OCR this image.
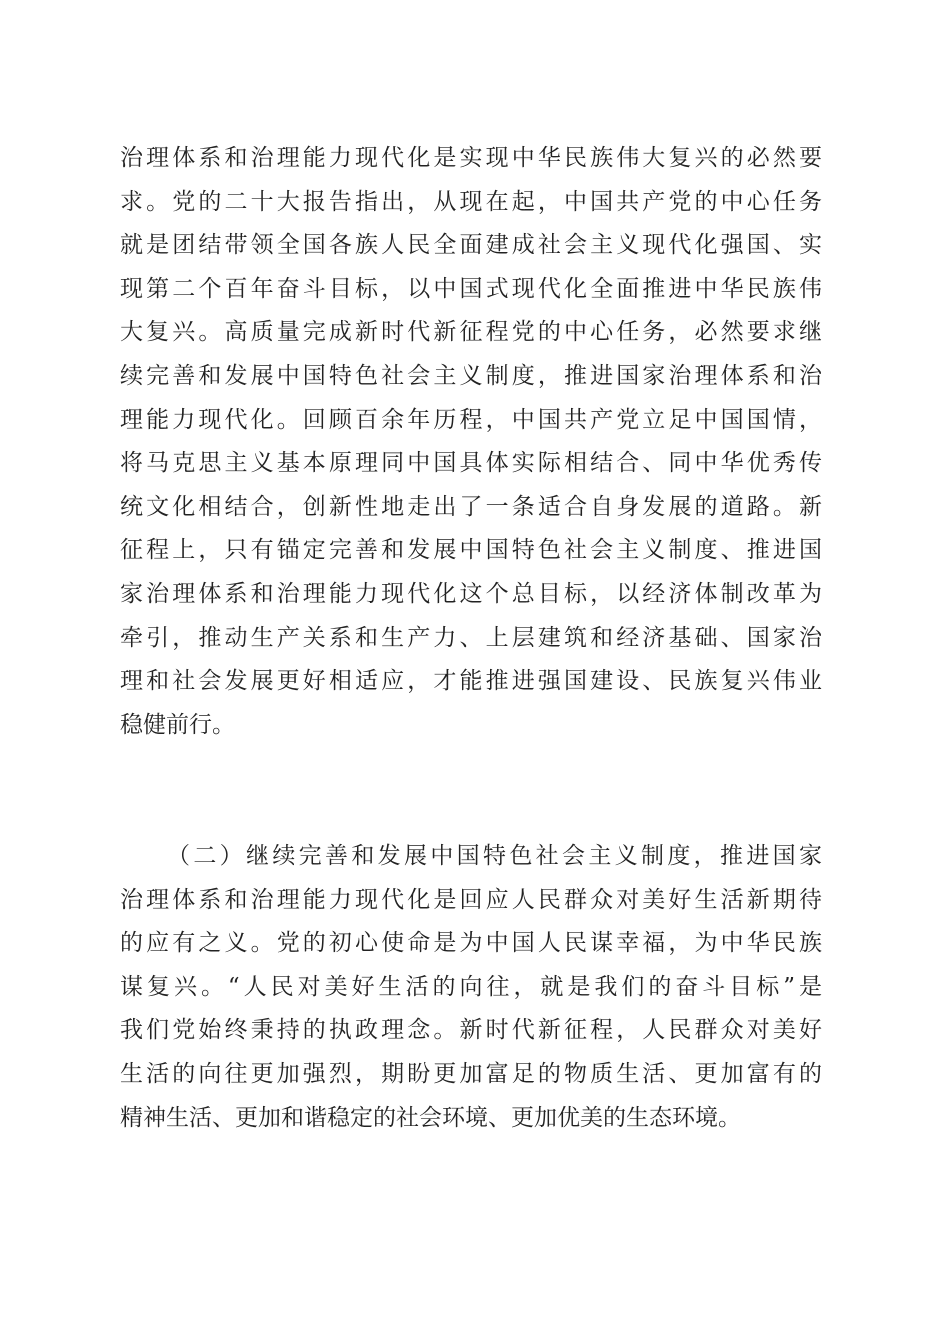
治理体系和治理能力现代化是实现中华民族伟大复兴的必然要
求。党的二十大报告指出，从现在起，中国共产党的中心任务
就是团结带领全国各族人民全面建成社会主义现代化强国、实
现第二个百年奋斗目标，以中国式现代化全面推进中华民族伟
大复兴。高质量完成新时代新征程党的中心任务，必然要求继
续完善和发展中国特色社会主义制度，推进国家治理体系和治
理能力现代化。回顾百余年历程，中国共产党立足中国国情，
将马克思主义基本原理同中国具体实际相结合、同中华优秀传
统文化相结合，创新性地走出了一条适合自身发展的道路。新
征程上，只有锚定完善和发展中国特色社会主义制度、推进国
家治理体系和治理能力现代化这个总目标，以经济体制改革为
牵引，推动生产关系和生产力、上层建筑和经济基础、国家治
理和社会发展更好相适应，才能推进强国建设、民族复兴伟业
稳健前行。
（二）继续完善和发展中国特色社会主义制度，推进国家
治理体系和治理能力现代化是回应人民群众对美好生活新期待
的应有之义。党的初心使命是为中国人民谋幸福，为中华民族
谋复兴。“人民对美好生活的向往，就是我们的奋斗目标”是
我们党始终秉持的执政理念。新时代新征程，人民群众对美好
生活的向往更加强烈，期盼更加富足的物质生活、更加富有的
精神生活、更加和谐稳定的社会环境、更加优美的生态环境。
